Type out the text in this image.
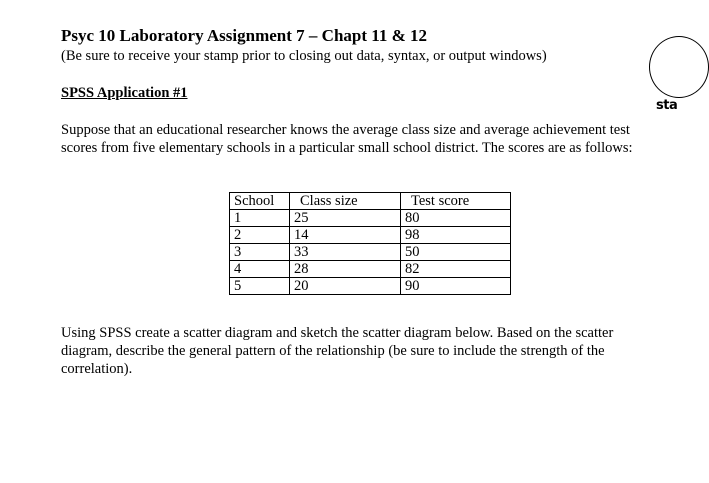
Psyc 10 Laboratory Assignment 7 – Chapt 11 & 12
(Be sure to receive your stamp prior to closing out data, syntax, or output windows)
sta
SPSS Application #1
Suppose that an educational researcher knows the average class size and average achievement test scores from five elementary schools in a particular small school district. The scores are as follows:
School	Class size	Test score
1	25	80
2	14	98
3	33	50
4	28	82
5	20	90
Using SPSS create a scatter diagram and sketch the scatter diagram below. Based on the scatter diagram, describe the general pattern of the relationship (be sure to include the strength of the correlation).
